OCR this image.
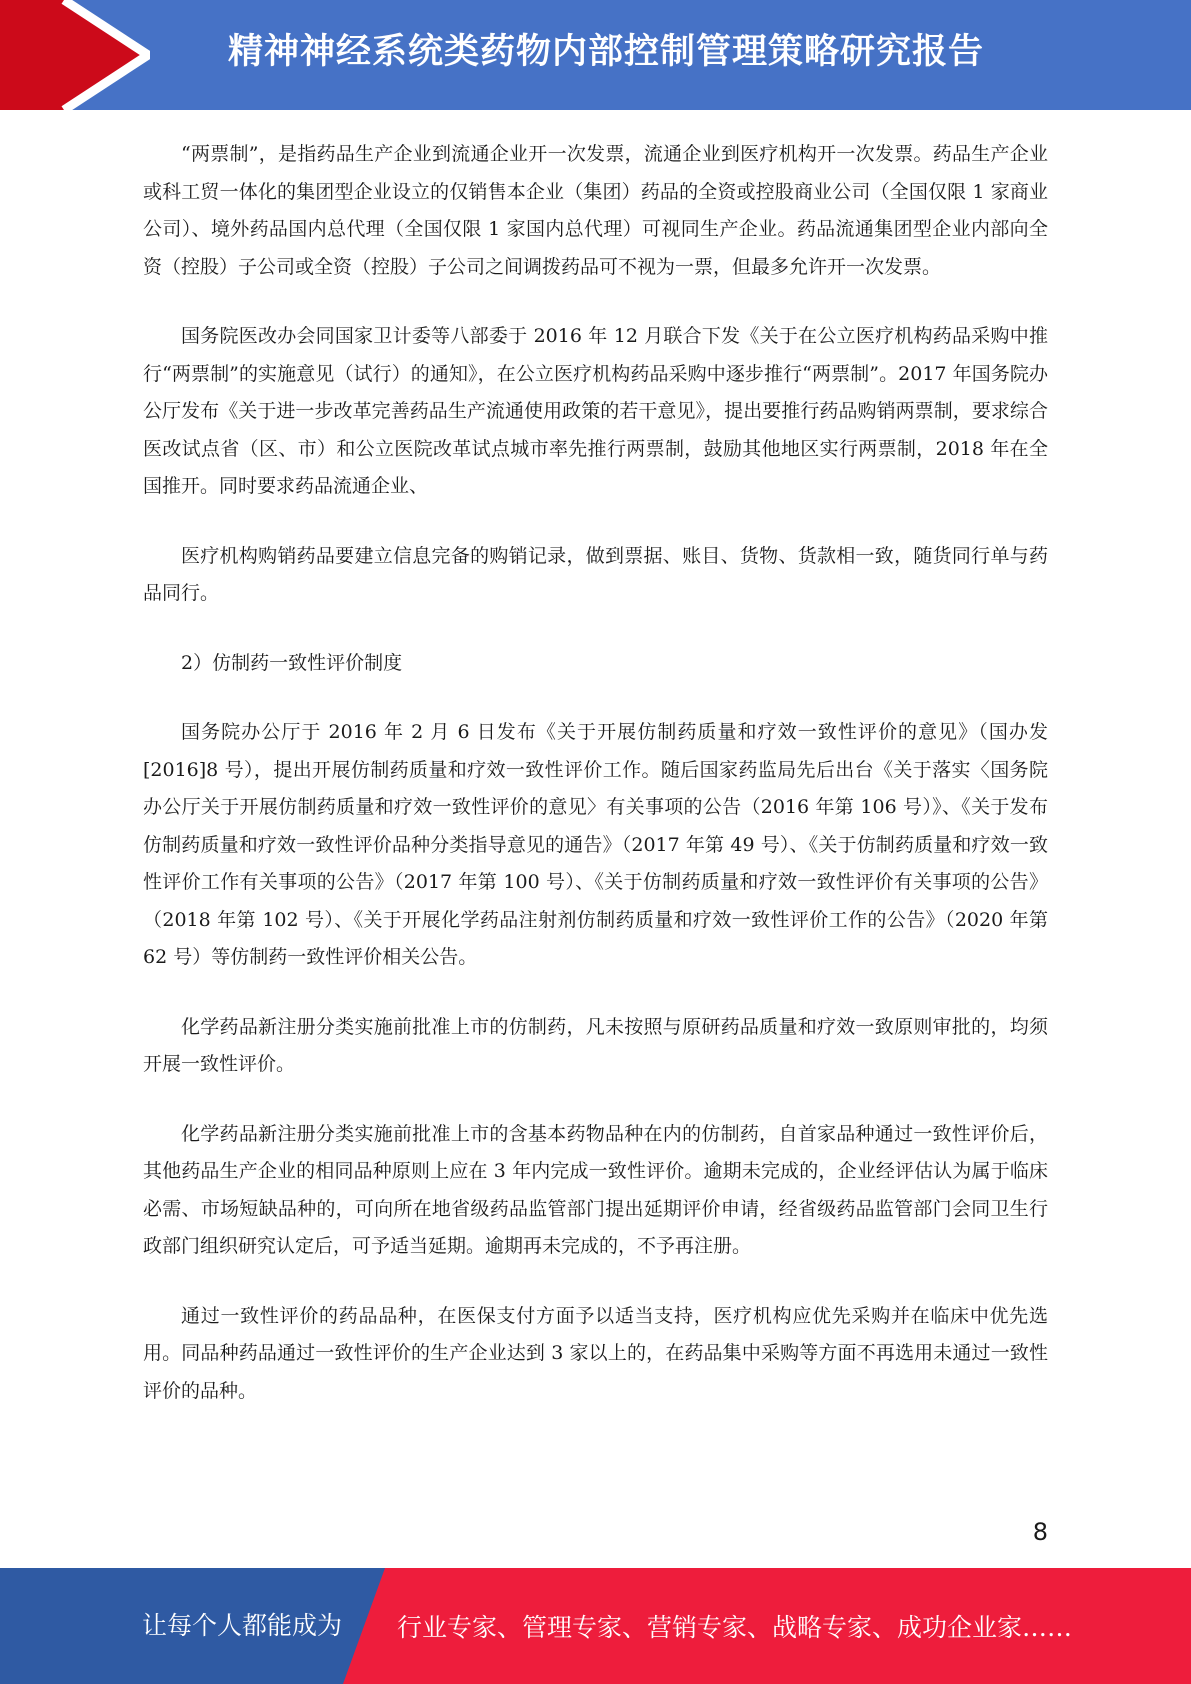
精神神经系统类药物内部控制管理策略研究报告

“两票制”，是指药品生产企业到流通企业开一次发票，流通企业到医疗机构开一次发票。药品生产企业或科工贸一体化的集团型企业设立的仅销售本企业（集团）药品的全资或控股商业公司（全国仅限 1 家商业公司）、境外药品国内总代理（全国仅限 1 家国内总代理）可视同生产企业。药品流通集团型企业内部向全资（控股）子公司或全资（控股）子公司之间调拨药品可不视为一票，但最多允许开一次发票。

国务院医改办会同国家卫计委等八部委于 2016 年 12 月联合下发《关于在公立医疗机构药品采购中推行“两票制”的实施意见（试行）的通知》，在公立医疗机构药品采购中逐步推行“两票制”。2017 年国务院办公厅发布《关于进一步改革完善药品生产流通使用政策的若干意见》，提出要推行药品购销两票制，要求综合医改试点省（区、市）和公立医院改革试点城市率先推行两票制，鼓励其他地区实行两票制，2018 年在全国推开。同时要求药品流通企业、

医疗机构购销药品要建立信息完备的购销记录，做到票据、账目、货物、货款相一致，随货同行单与药品同行。

2）仿制药一致性评价制度

国务院办公厅于 2016 年 2 月 6 日发布《关于开展仿制药质量和疗效一致性评价的意见》（国办发[2016]8 号），提出开展仿制药质量和疗效一致性评价工作。随后国家药监局先后出台《关于落实〈国务院办公厅关于开展仿制药质量和疗效一致性评价的意见〉有关事项的公告（2016 年第 106 号）》、《关于发布仿制药质量和疗效一致性评价品种分类指导意见的通告》（2017 年第 49 号）、《关于仿制药质量和疗效一致性评价工作有关事项的公告》（2017 年第 100 号）、《关于仿制药质量和疗效一致性评价有关事项的公告》（2018 年第 102 号）、《关于开展化学药品注射剂仿制药质量和疗效一致性评价工作的公告》（2020 年第 62 号）等仿制药一致性评价相关公告。

化学药品新注册分类实施前批准上市的仿制药，凡未按照与原研药品质量和疗效一致原则审批的，均须开展一致性评价。

化学药品新注册分类实施前批准上市的含基本药物品种在内的仿制药，自首家品种通过一致性评价后，其他药品生产企业的相同品种原则上应在 3 年内完成一致性评价。逾期未完成的，企业经评估认为属于临床必需、市场短缺品种的，可向所在地省级药品监管部门提出延期评价申请，经省级药品监管部门会同卫生行政部门组织研究认定后，可予适当延期。逾期再未完成的，不予再注册。

通过一致性评价的药品品种，在医保支付方面予以适当支持，医疗机构应优先采购并在临床中优先选用。同品种药品通过一致性评价的生产企业达到 3 家以上的，在药品集中采购等方面不再选用未通过一致性评价的品种。

8
让每个人都能成为 行业专家、管理专家、营销专家、战略专家、成功企业家……
